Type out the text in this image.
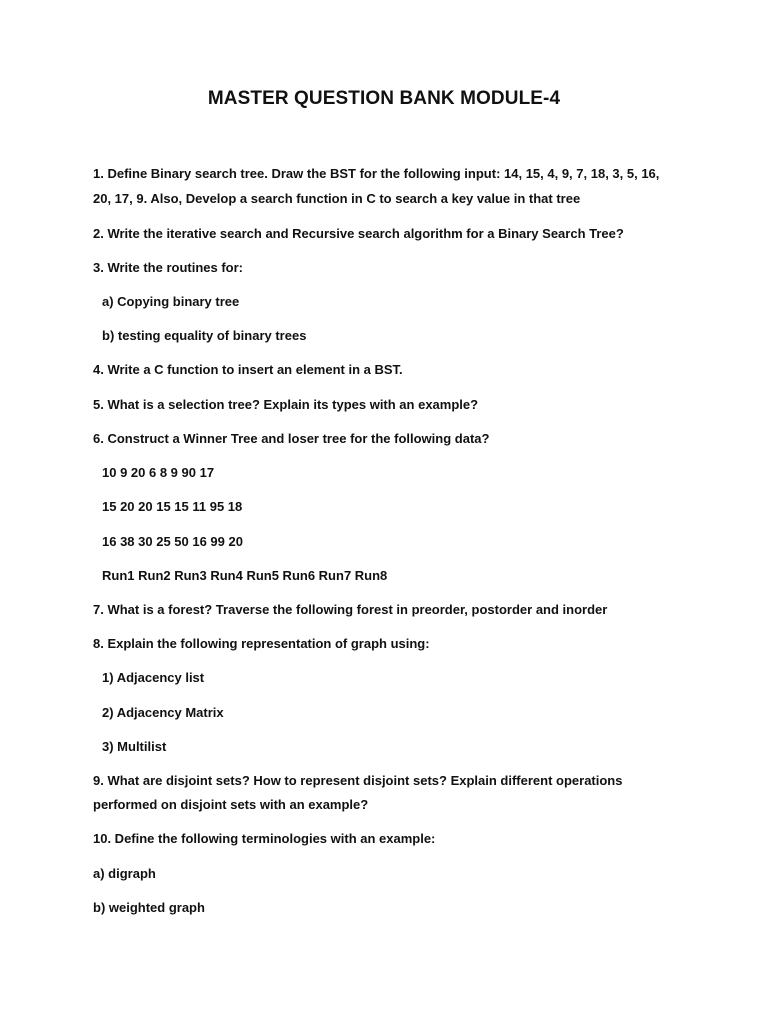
MASTER QUESTION BANK MODULE-4
1. Define Binary search tree. Draw the BST for the following input: 14, 15, 4, 9, 7, 18, 3, 5, 16,
20, 17, 9. Also, Develop a search function in C to search a key value in that tree
2. Write the iterative search and Recursive search algorithm for a Binary Search Tree?
3. Write the routines for:
a) Copying binary tree
b) testing equality of binary trees
4. Write a C function to insert an element in a BST.
5. What is a selection tree? Explain its types with an example?
6. Construct a Winner Tree and loser tree for the following data?
10 9 20 6 8 9 90 17
15 20 20 15 15 11 95 18
16 38 30 25 50 16 99 20
Run1 Run2 Run3 Run4 Run5 Run6 Run7 Run8
7. What is a forest? Traverse the following forest in preorder, postorder and inorder
8. Explain the following representation of graph using:
1) Adjacency list
2) Adjacency Matrix
3) Multilist
9. What are disjoint sets? How to represent disjoint sets? Explain different operations
performed on disjoint sets with an example?
10. Define the following terminologies with an example:
a) digraph
b) weighted graph
